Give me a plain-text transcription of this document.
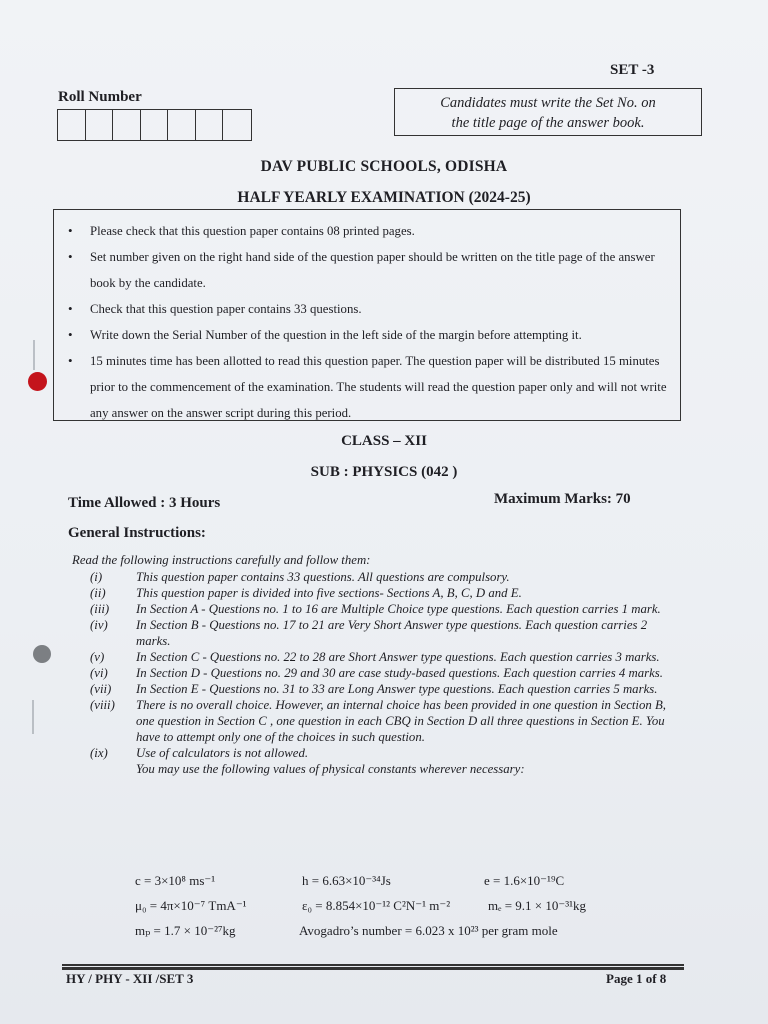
SET -3
Roll Number	Candidates must write the Set No. on
the title page of the answer book.
DAV PUBLIC SCHOOLS, ODISHA
HALF YEARLY EXAMINATION (2024-25)
• Please check that this question paper contains 08 printed pages.
• Set number given on the right hand side of the question paper should be written on the title page of the answer book by the candidate.
• Check that this question paper contains 33 questions.
• Write down the Serial Number of the question in the left side of the margin before attempting it.
• 15 minutes time has been allotted to read this question paper. The question paper will be distributed 15 minutes prior to the commencement of the examination. The students will read the question paper only and will not write any answer on the answer script during this period.
CLASS – XII
SUB : PHYSICS (042 )
Time Allowed : 3 Hours	Maximum Marks: 70
General Instructions:
Read the following instructions carefully and follow them:
(i)	This question paper contains 33 questions. All questions are compulsory.
(ii)	This question paper is divided into five sections- Sections A, B, C, D and E.
(iii)	In Section A - Questions no. 1 to 16 are Multiple Choice type questions. Each question carries 1 mark.
(iv)	In Section B - Questions no. 17 to 21 are Very Short Answer type questions. Each question carries 2 marks.
(v)	In Section C - Questions no. 22 to 28 are Short Answer type questions. Each question carries 3 marks.
(vi)	In Section D - Questions no. 29 and 30 are case study-based questions. Each question carries 4 marks.
(vii)	In Section E - Questions no. 31 to 33 are Long Answer type questions. Each question carries 5 marks.
(viii)	There is no overall choice. However, an internal choice has been provided in one question in Section B, one question in Section C , one question in each CBQ in Section D all three questions in Section E. You have to attempt only one of the choices in such question.
(ix)	Use of calculators is not allowed.
You may use the following values of physical constants wherever necessary:
c = 3×10⁸ ms⁻¹	h = 6.63×10⁻³⁴Js	e = 1.6×10⁻¹⁹C
μ₀ = 4π×10⁻⁷ TmA⁻¹	ε₀ = 8.854×10⁻¹² C²N⁻¹ m⁻²	mₑ = 9.1 × 10⁻³¹kg
mₚ = 1.7 × 10⁻²⁷kg	Avogadro’s number = 6.023 x 10²³ per gram mole
HY / PHY - XII /SET 3	Page 1 of 8
